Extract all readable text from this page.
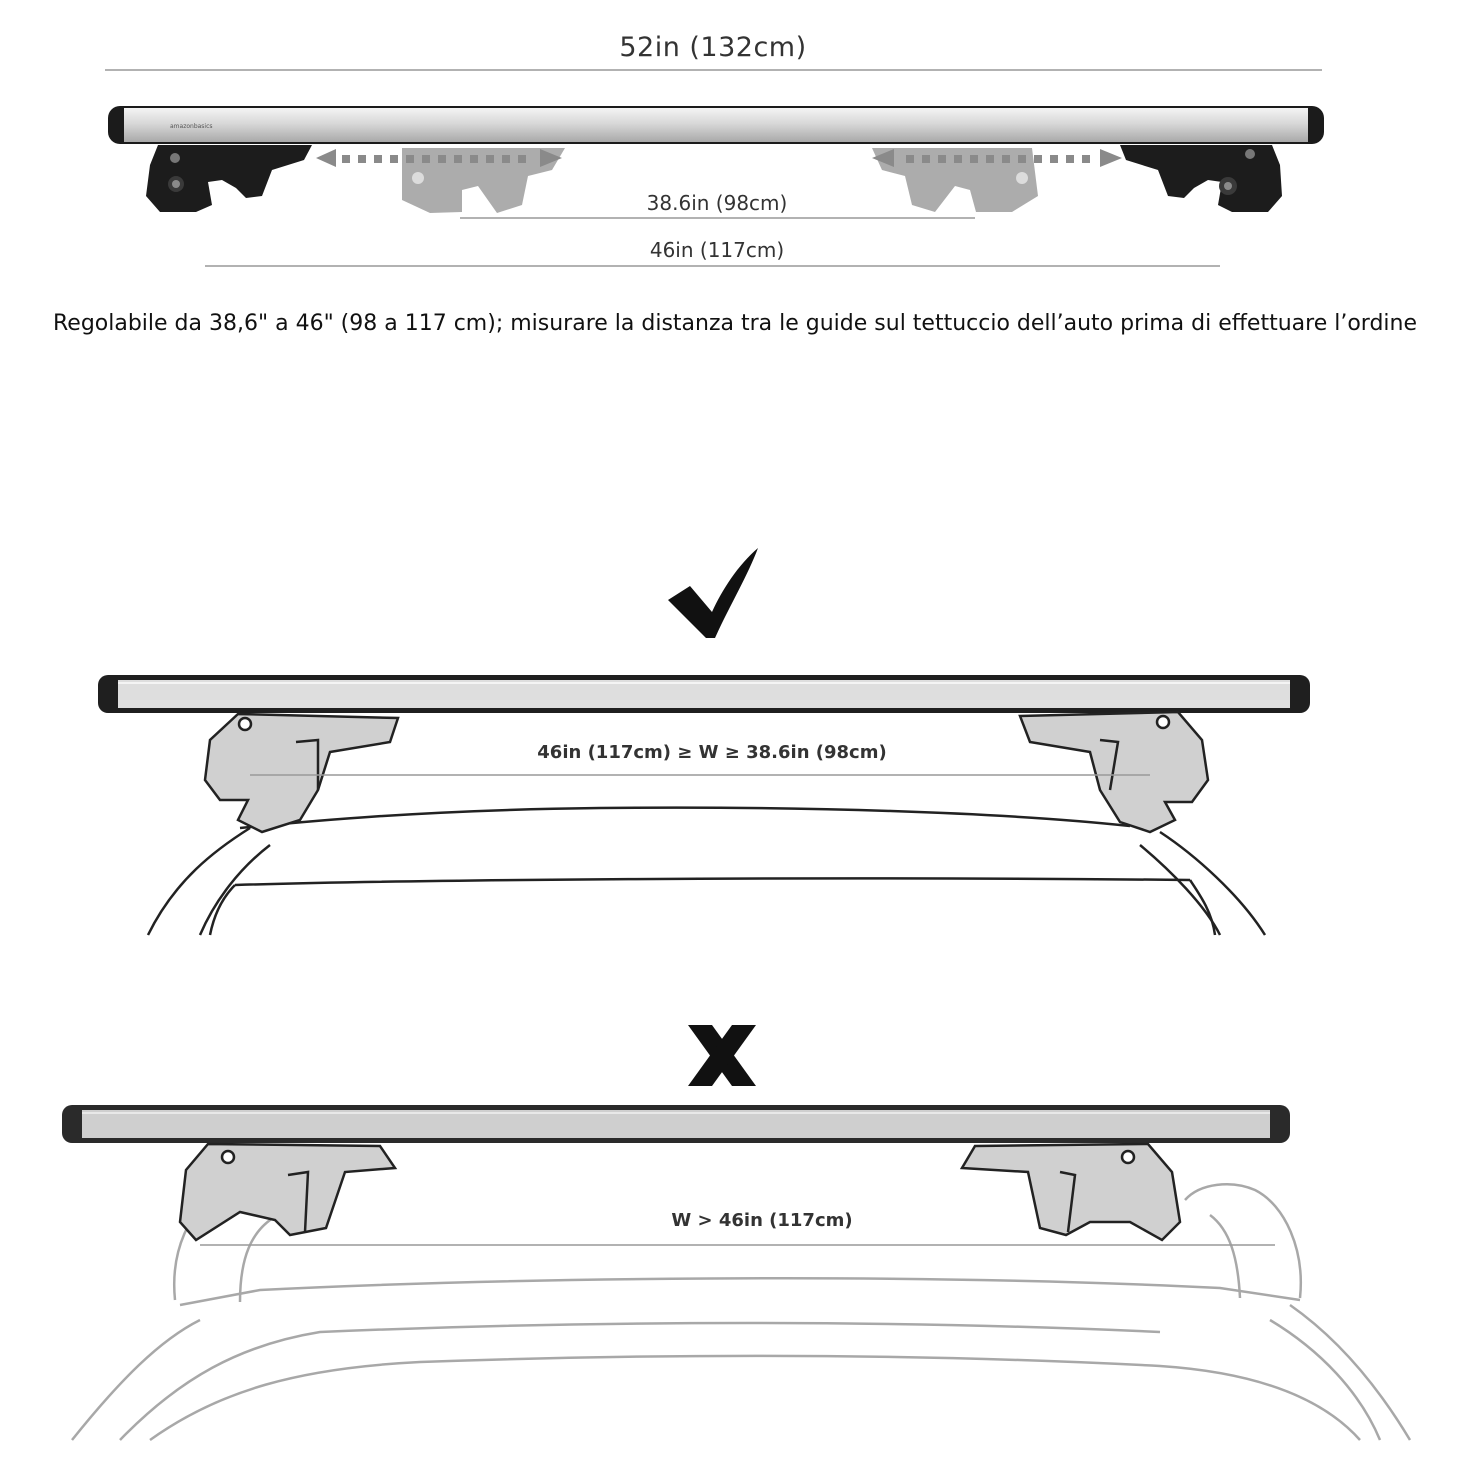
amazonbasics
52in (132cm)
38.6in (98cm)
46in (117cm)
Regolabile da 38,6" a 46" (98 a 117 cm); misurare la distanza tra le guide sul tettuccio dell’auto prima di effettuare l’ordine
46in (117cm) ≥ W ≥ 38.6in (98cm)
W > 46in (117cm)
